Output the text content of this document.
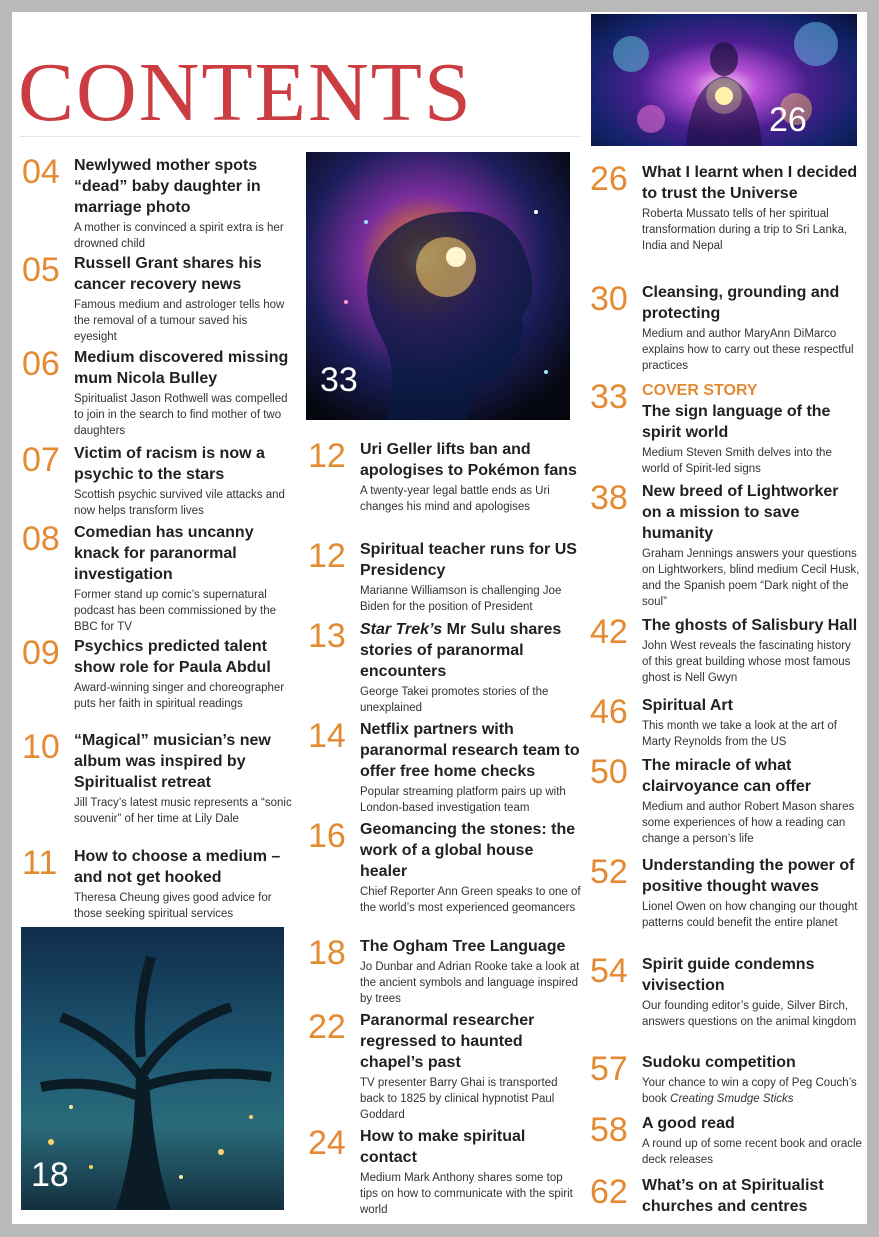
CONTENTS	26
33
18
04 Newlywed mother spots “dead” baby daughter in marriage photo
A mother is convinced a spirit extra is her drowned child
05 Russell Grant shares his cancer recovery news
Famous medium and astrologer tells how the removal of a tumour saved his eyesight
06 Medium discovered missing mum Nicola Bulley
Spiritualist Jason Rothwell was compelled to join in the search to find mother of two daughters
07 Victim of racism is now a psychic to the stars
Scottish psychic survived vile attacks and now helps transform lives
08 Comedian has uncanny knack for paranormal investigation
Former stand up comic’s supernatural podcast has been commissioned by the BBC for TV
09 Psychics predicted talent show role for Paula Abdul
Award-winning singer and choreographer puts her faith in spiritual readings
10 “Magical” musician’s new album was inspired by Spiritualist retreat
Jill Tracy’s latest music represents a “sonic souvenir” of her time at Lily Dale
11 How to choose a medium – and not get hooked
Theresa Cheung gives good advice for those seeking spiritual services
12 Uri Geller lifts ban and apologises to Pokémon fans
A twenty-year legal battle ends as Uri changes his mind and apologises
12 Spiritual teacher runs for US Presidency
Marianne Williamson is challenging Joe Biden for the position of President
13 Star Trek’s Mr Sulu shares stories of paranormal encounters
George Takei promotes stories of the unexplained
14 Netflix partners with paranormal research team to offer free home checks
Popular streaming platform pairs up with London-based investigation team
16 Geomancing the stones: the work of a global house healer
Chief Reporter Ann Green speaks to one of the world’s most experienced geomancers
18 The Ogham Tree Language
Jo Dunbar and Adrian Rooke take a look at the ancient symbols and language inspired by trees
22 Paranormal researcher regressed to haunted chapel’s past
TV presenter Barry Ghai is transported back to 1825 by clinical hypnotist Paul Goddard
24 How to make spiritual contact
Medium Mark Anthony shares some top tips on how to communicate with the spirit world
26 What I learnt when I decided to trust the Universe
Roberta Mussato tells of her spiritual transformation during a trip to Sri Lanka, India and Nepal
30 Cleansing, grounding and protecting
Medium and author MaryAnn DiMarco explains how to carry out these respectful practices
33 COVER STORY
The sign language of the spirit world
Medium Steven Smith delves into the world of Spirit-led signs
38 New breed of Lightworker on a mission to save humanity
Graham Jennings answers your questions on Lightworkers, blind medium Cecil Husk, and the Spanish poem “Dark night of the soul”
42 The ghosts of Salisbury Hall
John West reveals the fascinating history of this great building whose most famous ghost is Nell Gwyn
46 Spiritual Art
This month we take a look at the art of Marty Reynolds from the US
50 The miracle of what clairvoyance can offer
Medium and author Robert Mason shares some experiences of how a reading can change a person’s life
52 Understanding the power of positive thought waves
Lionel Owen on how changing our thought patterns could benefit the entire planet
54 Spirit guide condemns vivisection
Our founding editor’s guide, Silver Birch, answers questions on the animal kingdom
57 Sudoku competition
Your chance to win a copy of Peg Couch’s book Creating Smudge Sticks
58 A good read
A round up of some recent book and oracle deck releases
62 What’s on at Spiritualist churches and centres
